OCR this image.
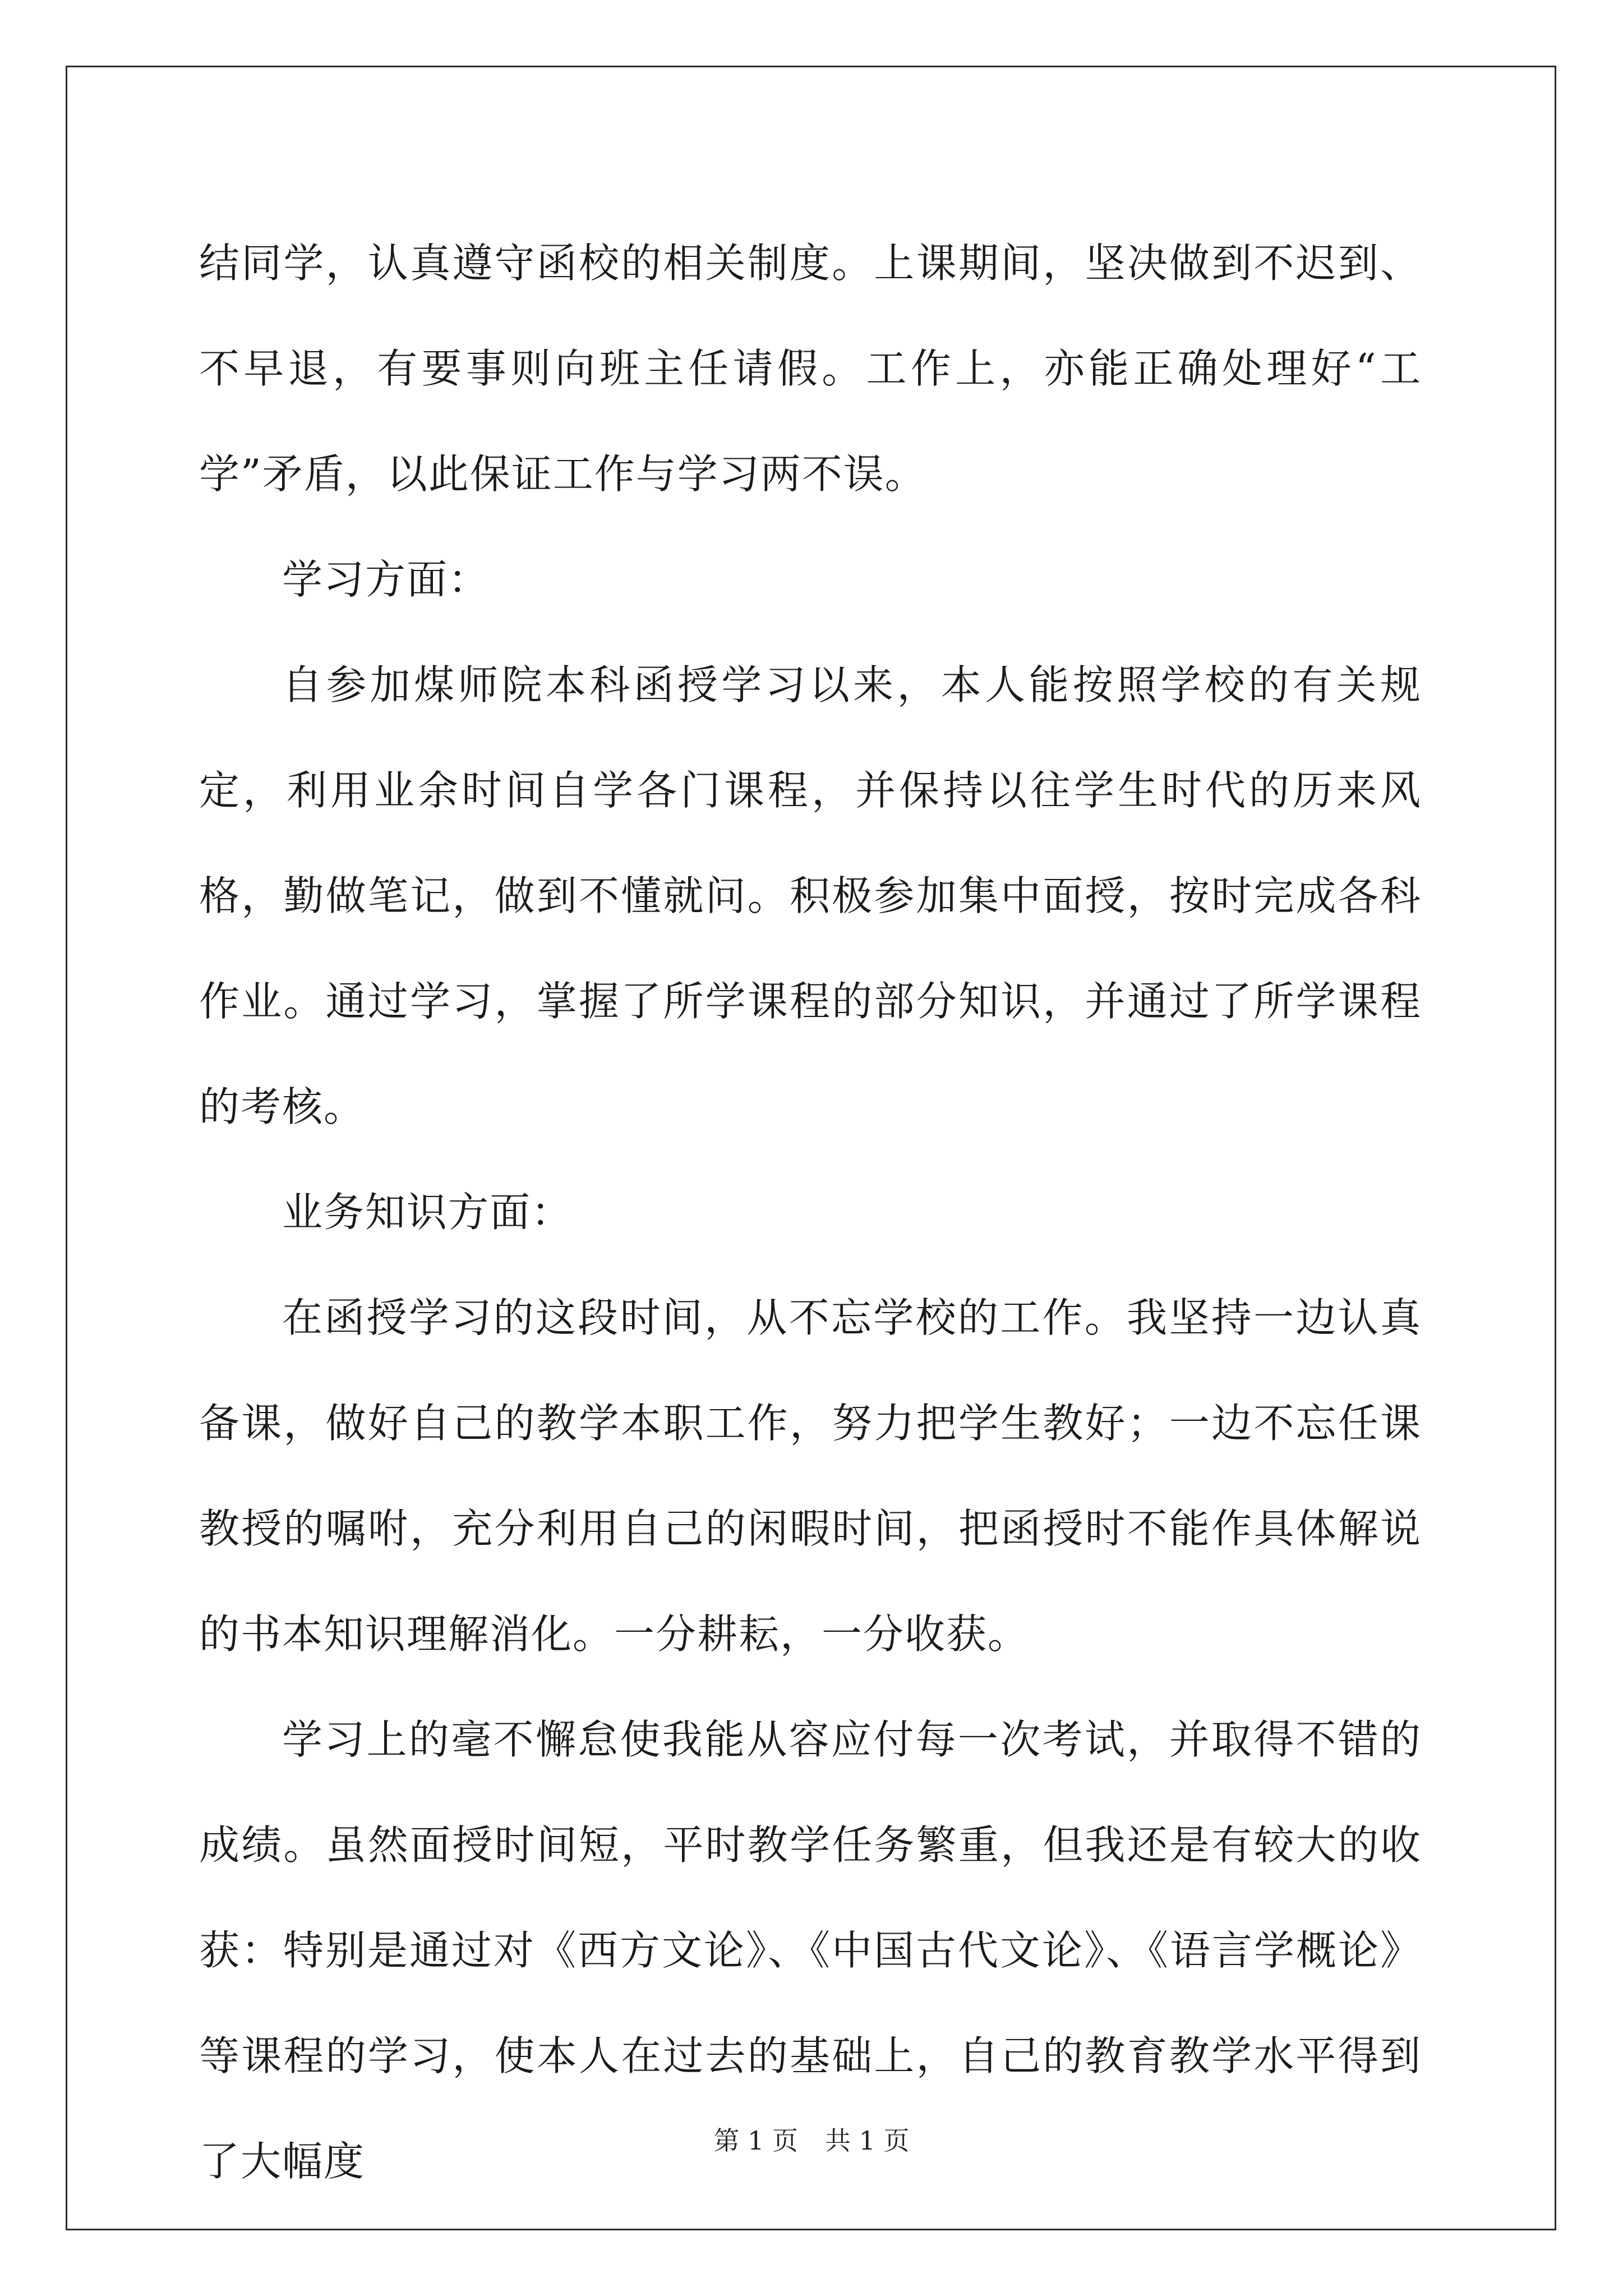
结同学，认真遵守函校的相关制度。上课期间，坚决做到不迟到、不早退，有要事则向班主任请假。工作上，亦能正确处理好“工学”矛盾，以此保证工作与学习两不误。

学习方面：

自参加煤师院本科函授学习以来，本人能按照学校的有关规定，利用业余时间自学各门课程，并保持以往学生时代的历来风格，勤做笔记，做到不懂就问。积极参加集中面授，按时完成各科作业。通过学习，掌握了所学课程的部分知识，并通过了所学课程的考核。

业务知识方面：

在函授学习的这段时间，从不忘学校的工作。我坚持一边认真备课，做好自己的教学本职工作，努力把学生教好；一边不忘任课教授的嘱咐，充分利用自己的闲暇时间，把函授时不能作具体解说的书本知识理解消化。一分耕耘，一分收获。

学习上的毫不懈怠使我能从容应付每一次考试，并取得不错的成绩。虽然面授时间短，平时教学任务繁重，但我还是有较大的收获：特别是通过对《西方文论》、《中国古代文论》、《语言学概论》等课程的学习，使本人在过去的基础上，自己的教育教学水平得到了大幅度	第 1 页 共 1 页
